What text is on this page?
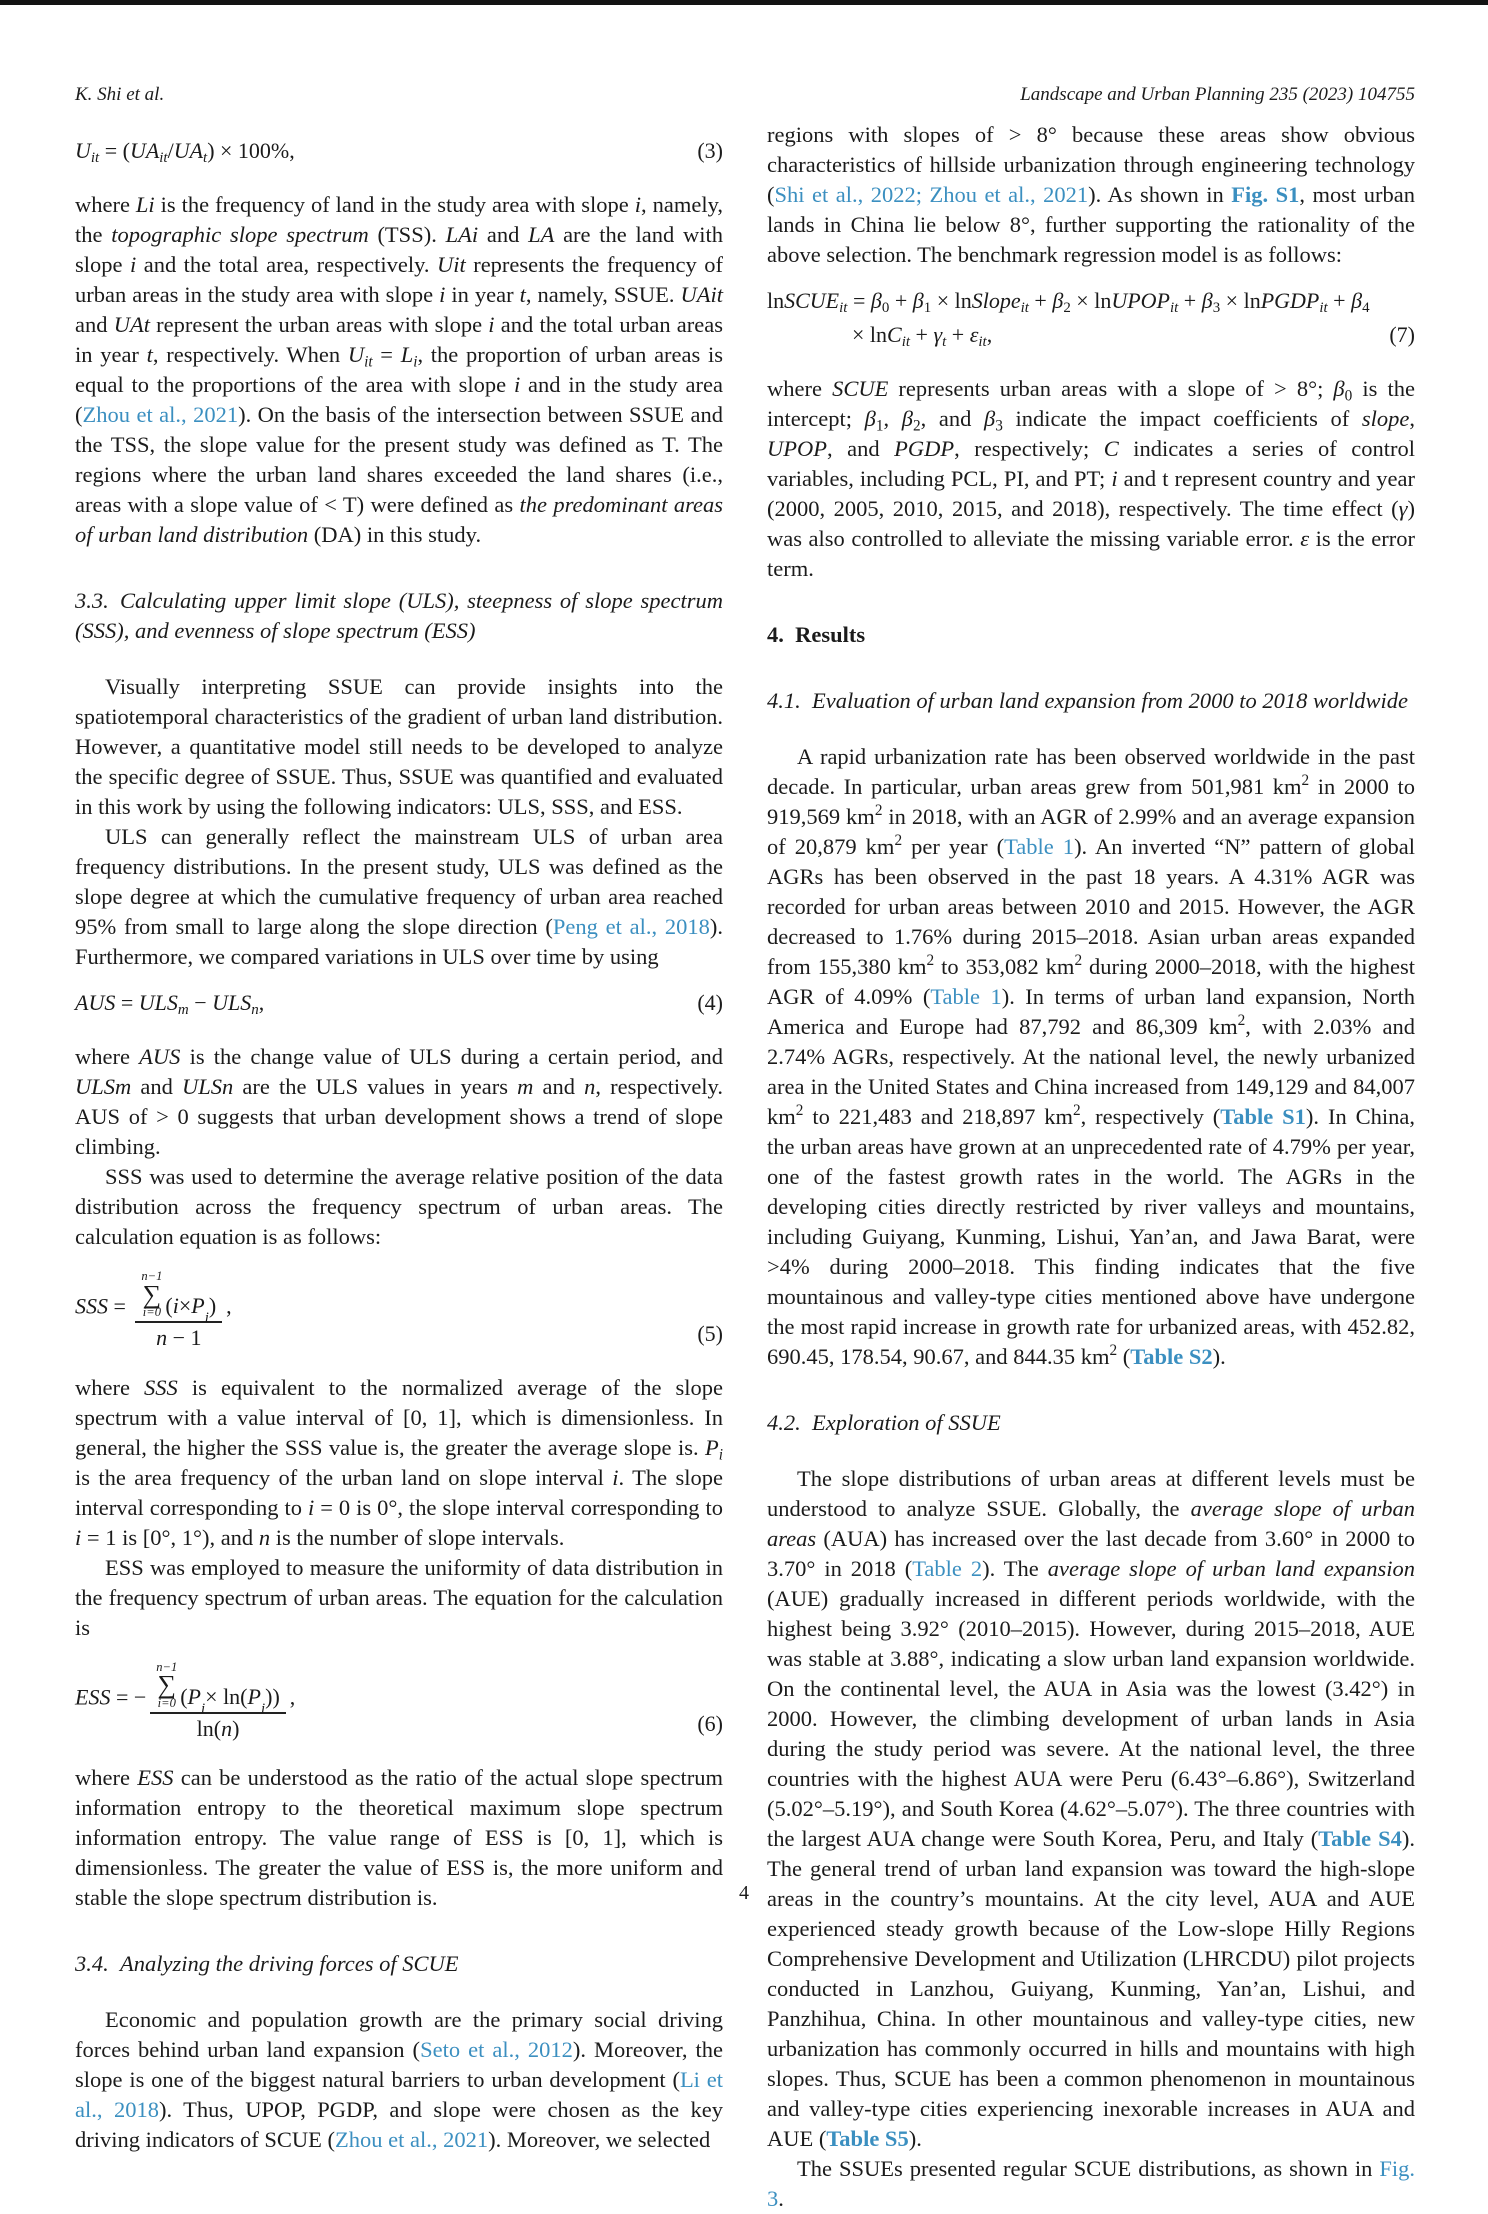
K. Shi et al.	Landscape and Urban Planning 235 (2023) 104755
Uit = (UAit/UAt) × 100%,	(3)

where Li is the frequency of land in the study area with slope i, namely, the topographic slope spectrum (TSS). LAi and LA are the land with slope i and the total area, respectively. Uit represents the frequency of urban areas in the study area with slope i in year t, namely, SSUE. UAit and UAt represent the urban areas with slope i and the total urban areas in year t, respectively. When Uit = Li, the proportion of urban areas is equal to the proportions of the area with slope i and in the study area (Zhou et al., 2021). On the basis of the intersection between SSUE and the TSS, the slope value for the present study was defined as T. The regions where the urban land shares exceeded the land shares (i.e., areas with a slope value of < T) were defined as the predominant areas of urban land distribution (DA) in this study.

3.3. Calculating upper limit slope (ULS), steepness of slope spectrum (SSS), and evenness of slope spectrum (ESS)

Visually interpreting SSUE can provide insights into the spatiotemporal characteristics of the gradient of urban land distribution. However, a quantitative model still needs to be developed to analyze the specific degree of SSUE. Thus, SSUE was quantified and evaluated in this work by using the following indicators: ULS, SSS, and ESS.

ULS can generally reflect the mainstream ULS of urban area frequency distributions. In the present study, ULS was defined as the slope degree at which the cumulative frequency of urban area reached 95% from small to large along the slope direction (Peng et al., 2018). Furthermore, we compared variations in ULS over time by using

AUS = ULSm − ULSn,	(4)

where AUS is the change value of ULS during a certain period, and ULSm and ULSn are the ULS values in years m and n, respectively. AUS of > 0 suggests that urban development shows a trend of slope climbing.

SSS was used to determine the average relative position of the data distribution across the frequency spectrum of urban areas. The calculation equation is as follows:

SSS = n−1
∑
i=0 ( i × P
i
)
n − 1 ,
(5)

where SSS is equivalent to the normalized average of the slope spectrum with a value interval of [0, 1], which is dimensionless. In general, the higher the SSS value is, the greater the average slope is. Pi is the area frequency of the urban land on slope interval i. The slope interval corresponding to i = 0 is 0°, the slope interval corresponding to i = 1 is [0°, 1°), and n is the number of slope intervals.

ESS was employed to measure the uniformity of data distribution in the frequency spectrum of urban areas. The equation for the calculation is

ESS = − n−1
∑
i=0 ( P
i
× ln( P
i
))
ln(n) ,
(6)

where ESS can be understood as the ratio of the actual slope spectrum information entropy to the theoretical maximum slope spectrum information entropy. The value range of ESS is [0, 1], which is dimensionless. The greater the value of ESS is, the more uniform and stable the slope spectrum distribution is.

3.4. Analyzing the driving forces of SCUE

Economic and population growth are the primary social driving forces behind urban land expansion (Seto et al., 2012). Moreover, the slope is one of the biggest natural barriers to urban development (Li et al., 2018). Thus, UPOP, PGDP, and slope were chosen as the key driving indicators of SCUE (Zhou et al., 2021). Moreover, we selected

regions with slopes of > 8° because these areas show obvious characteristics of hillside urbanization through engineering technology (Shi et al., 2022; Zhou et al., 2021). As shown in Fig. S1, most urban lands in China lie below 8°, further supporting the rationality of the above selection. The benchmark regression model is as follows:

lnSCUEit = β0 + β1 × lnSlopeit + β2 × lnUPOPit + β3 × lnPGDPit + β4
× lnCit + γt + εit,	(7)

where SCUE represents urban areas with a slope of > 8°; β0 is the intercept; β1, β2, and β3 indicate the impact coefficients of slope, UPOP, and PGDP, respectively; C indicates a series of control variables, including PCL, PI, and PT; i and t represent country and year (2000, 2005, 2010, 2015, and 2018), respectively. The time effect (γ) was also controlled to alleviate the missing variable error. ε is the error term.

4. Results
4.1. Evaluation of urban land expansion from 2000 to 2018 worldwide

A rapid urbanization rate has been observed worldwide in the past decade. In particular, urban areas grew from 501,981 $km^2$ in 2000 to 919,569 $km^2$ in 2018, with an AGR of 2.99% and an average expansion of 20,879 $km^2$ per year (Table 1). An inverted “N” pattern of global AGRs has been observed in the past 18 years. A 4.31% AGR was recorded for urban areas between 2010 and 2015. However, the AGR decreased to 1.76% during 2015–2018. Asian urban areas expanded from 155,380 $km^2$ to 353,082 $km^2$ during 2000–2018, with the highest AGR of 4.09% (Table 1). In terms of urban land expansion, North America and Europe had 87,792 and 86,309 $km^2$, with 2.03% and 2.74% AGRs, respectively. At the national level, the newly urbanized area in the United States and China increased from 149,129 and 84,007 $km^2$ to 221,483 and 218,897 $km^2$, respectively (Table S1). In China, the urban areas have grown at an unprecedented rate of 4.79% per year, one of the fastest growth rates in the world. The AGRs in the developing cities directly restricted by river valleys and mountains, including Guiyang, Kunming, Lishui, Yan’an, and Jawa Barat, were >4% during 2000–2018. This finding indicates that the five mountainous and valley-type cities mentioned above have undergone the most rapid increase in growth rate for urbanized areas, with 452.82, 690.45, 178.54, 90.67, and 844.35 $km^2$ (Table S2).

4.2. Exploration of SSUE

The slope distributions of urban areas at different levels must be understood to analyze SSUE. Globally, the average slope of urban areas (AUA) has increased over the last decade from 3.60° in 2000 to 3.70° in 2018 (Table 2). The average slope of urban land expansion (AUE) gradually increased in different periods worldwide, with the highest being 3.92° (2010–2015). However, during 2015–2018, AUE was stable at 3.88°, indicating a slow urban land expansion worldwide. On the continental level, the AUA in Asia was the lowest (3.42°) in 2000. However, the climbing development of urban lands in Asia during the study period was severe. At the national level, the three countries with the highest AUA were Peru (6.43°–6.86°), Switzerland (5.02°–5.19°), and South Korea (4.62°–5.07°). The three countries with the largest AUA change were South Korea, Peru, and Italy (Table S4). The general trend of urban land expansion was toward the high-slope areas in the country’s mountains. At the city level, AUA and AUE experienced steady growth because of the Low-slope Hilly Regions Comprehensive Development and Utilization (LHRCDU) pilot projects conducted in Lanzhou, Guiyang, Kunming, Yan’an, Lishui, and Panzhihua, China. In other mountainous and valley-type cities, new urbanization has commonly occurred in hills and mountains with high slopes. Thus, SCUE has been a common phenomenon in mountainous and valley-type cities experiencing inexorable increases in AUA and AUE (Table S5).

The SSUEs presented regular SCUE distributions, as shown in Fig. 3.

4
